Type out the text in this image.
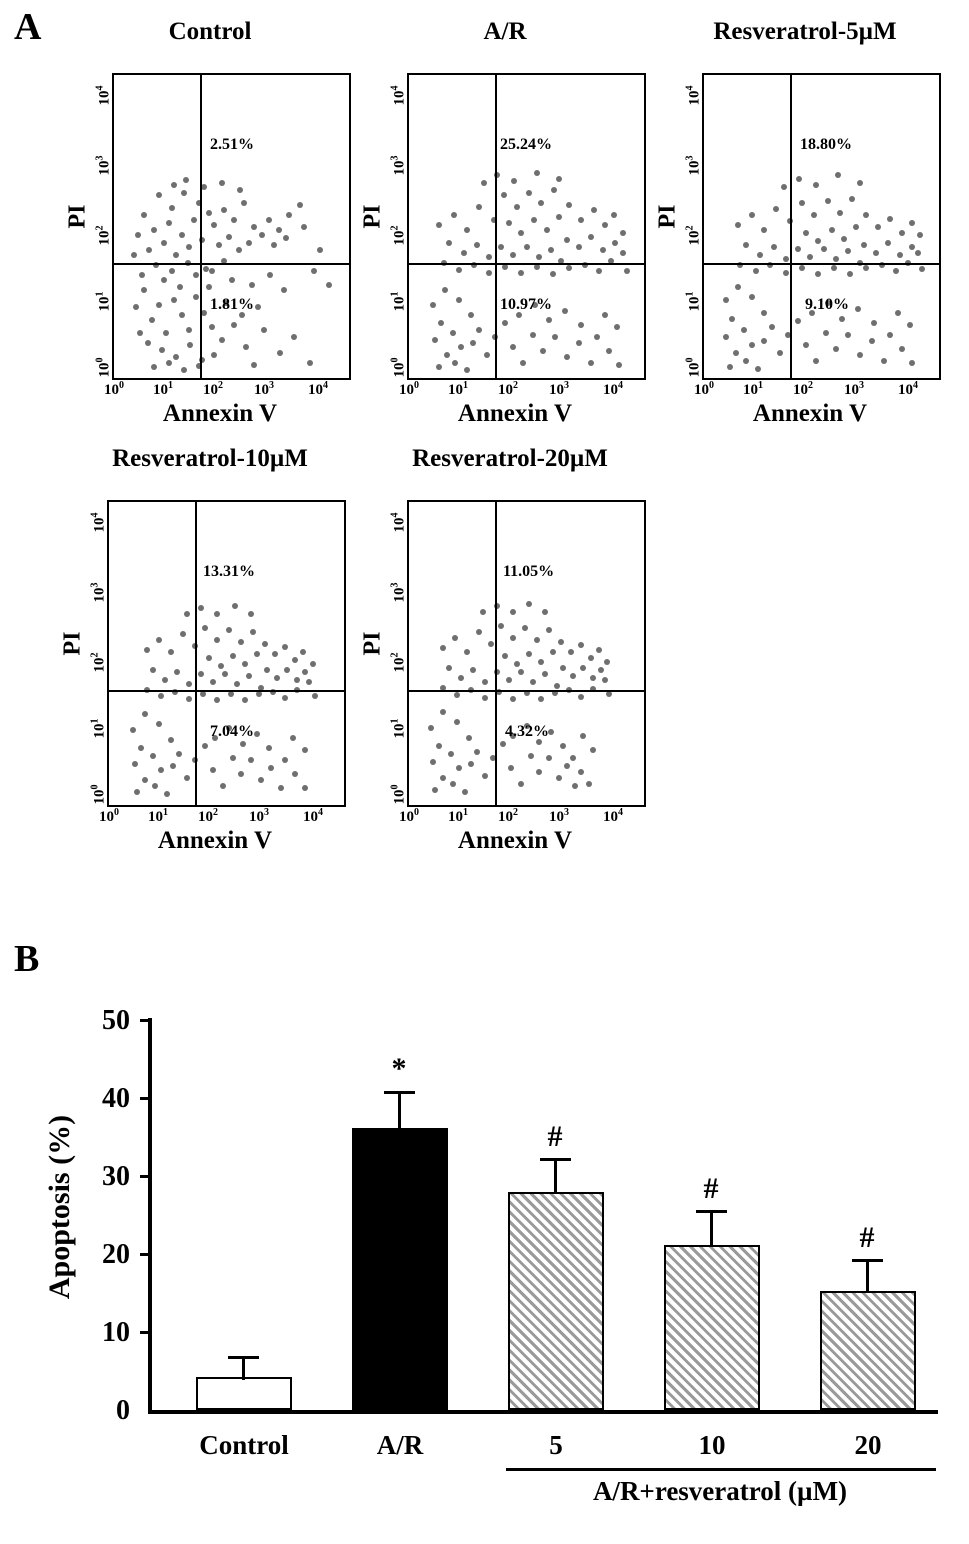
A	Control
PI
$10^4$
$10^3$
$10^2$
$10^1$
$10^0$
2.51%
1.81%
$10^0$	$10^1$	$10^2$	$10^3$	$10^4$
Annexin V
A/R
PI
$10^4$
$10^3$
$10^2$
$10^1$
$10^0$
25.24%
10.97%
$10^0$	$10^1$	$10^2$	$10^3$	$10^4$
Annexin V
Resveratrol-5µM
PI
$10^4$
$10^3$
$10^2$
$10^1$
$10^0$
18.80%
9.10%
$10^0$	$10^1$	$10^2$	$10^3$	$10^4$
Annexin V
Resveratrol-10µM
PI
$10^4$
$10^3$
$10^2$
$10^1$
$10^0$
13.31%
7.04%
$10^0$	$10^1$	$10^2$	$10^3$	$10^4$
Annexin V
Resveratrol-20µM
PI
$10^4$
$10^3$
$10^2$
$10^1$
$10^0$
11.05%
4.32%
$10^0$	$10^1$	$10^2$	$10^3$	$10^4$
Annexin V
B
Apoptosis (%)
50
40
30
20
10
0
*
#
#
#
Control	A/R	5	10	20
A/R+resveratrol (µM)
